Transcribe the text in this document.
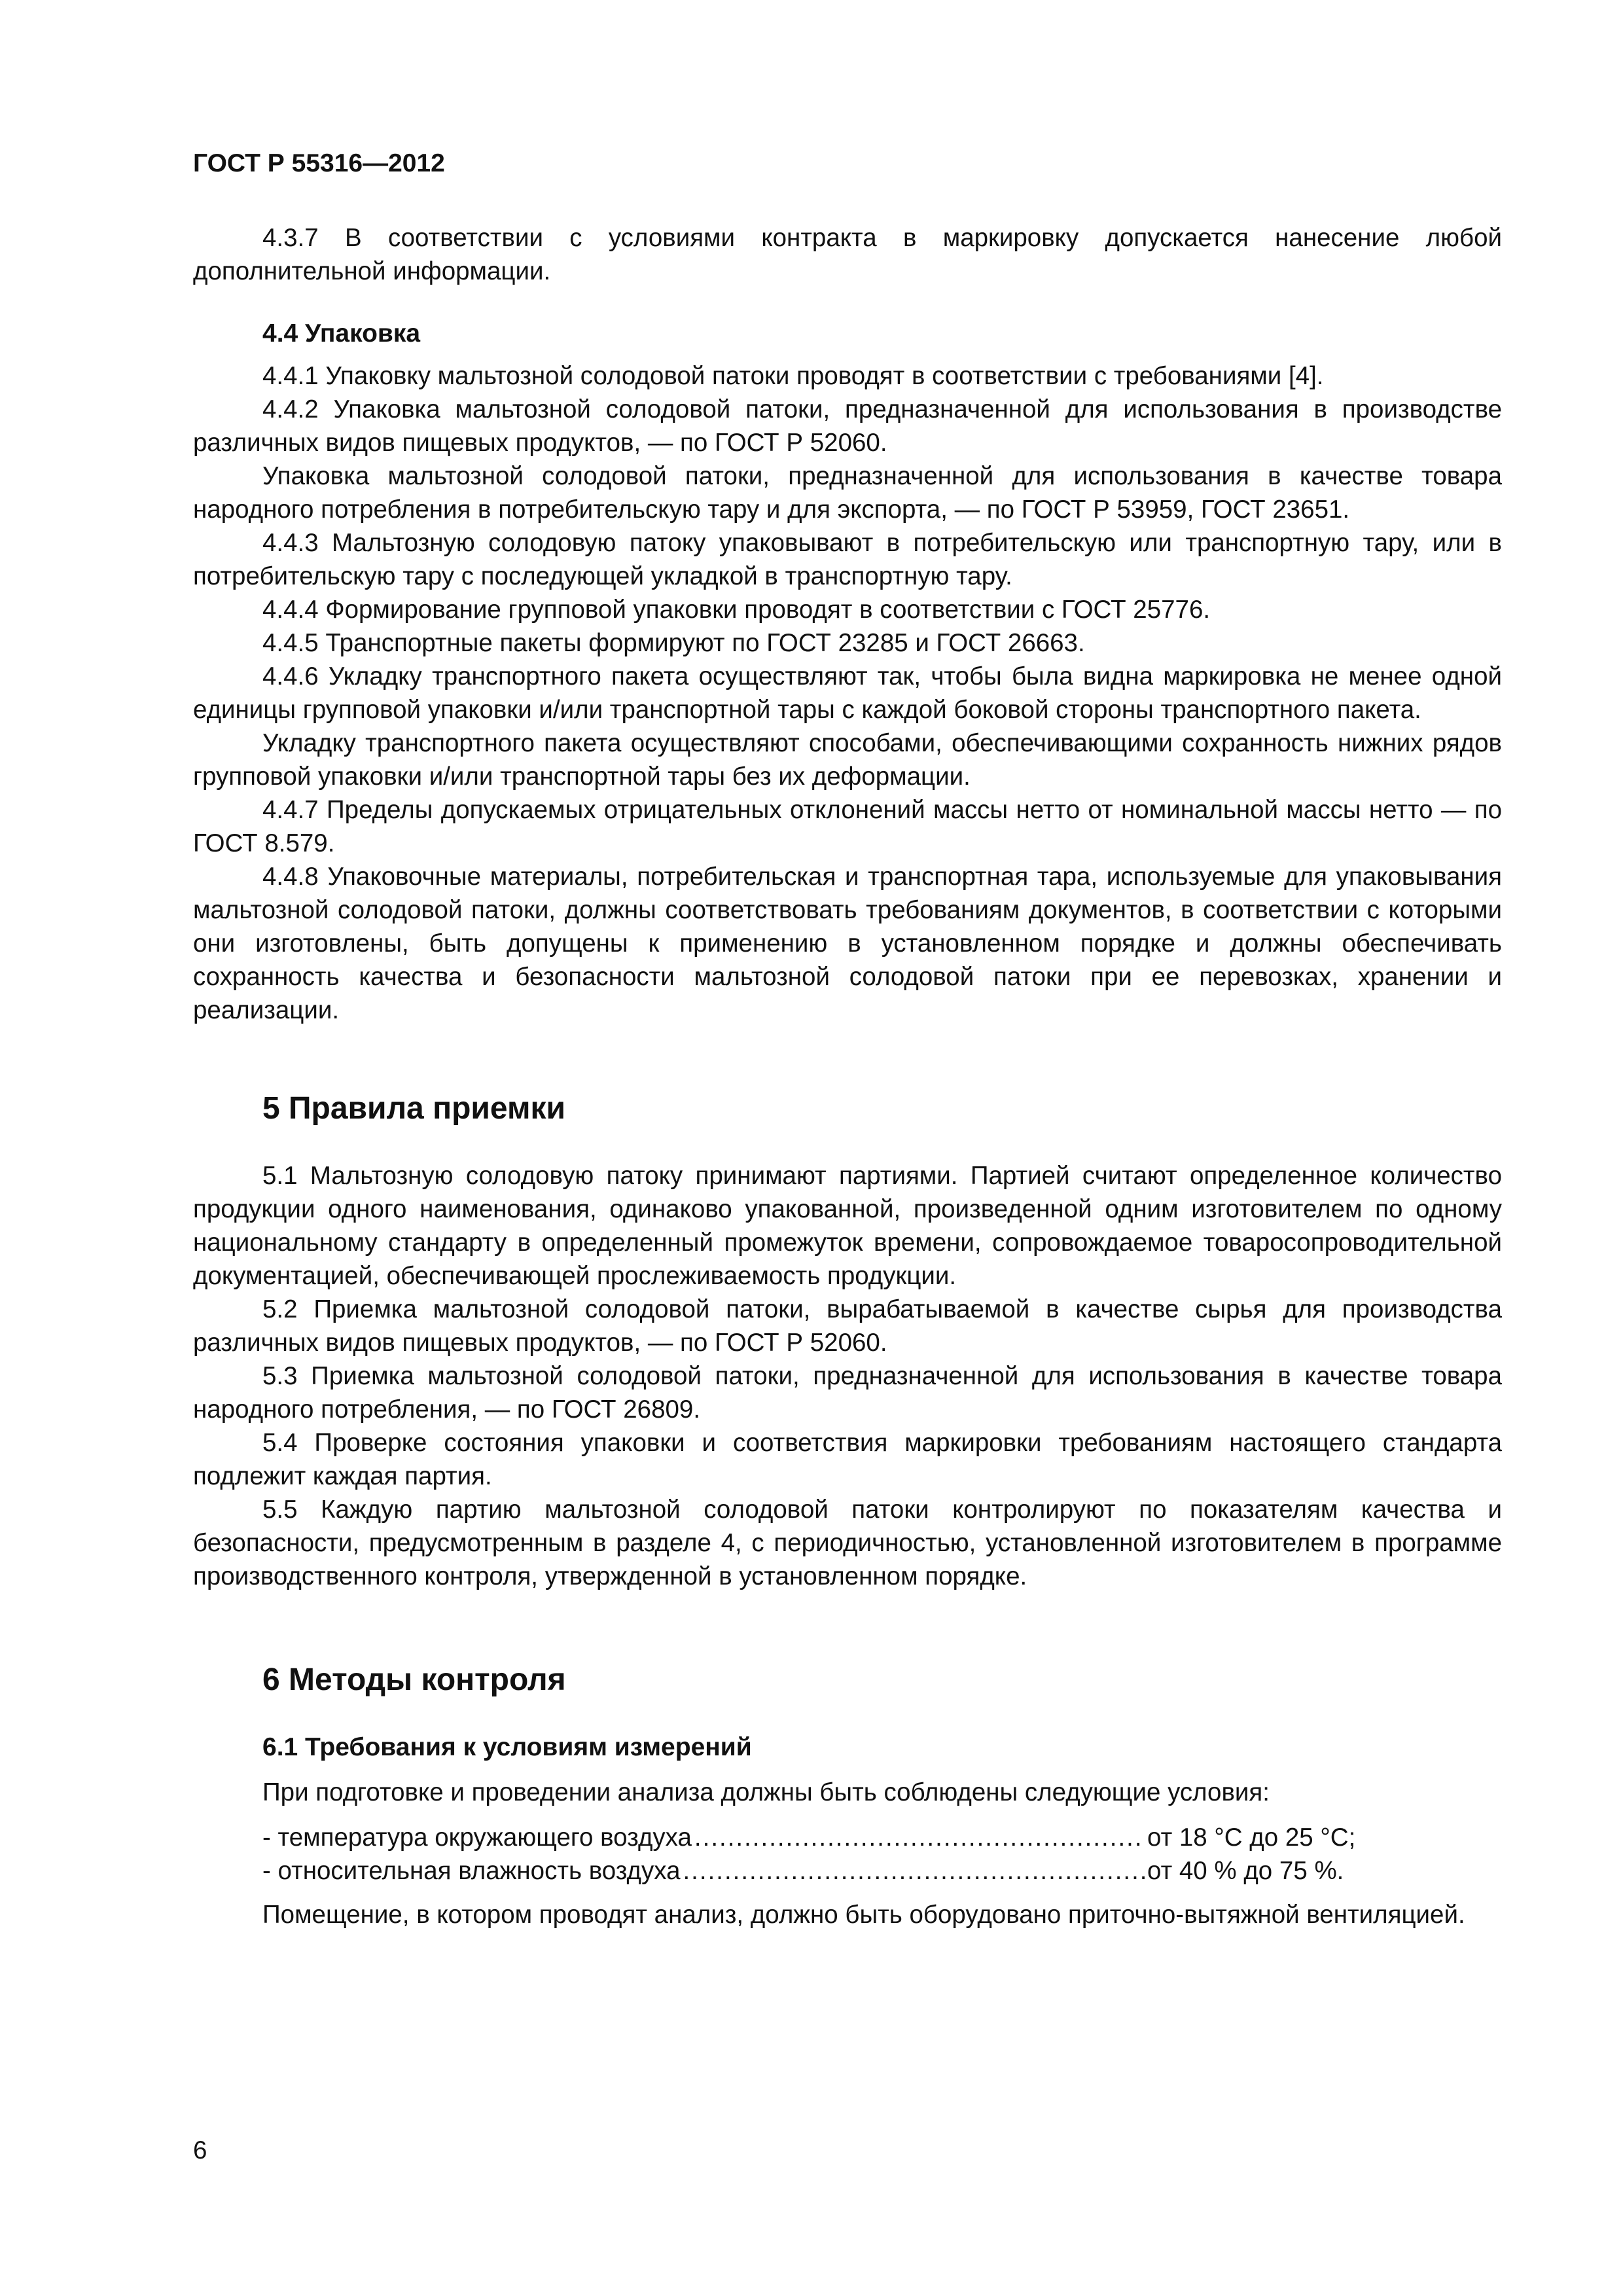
ГОСТ Р 55316—2012

4.3.7 В соответствии с условиями контракта в маркировку допускается нанесение любой дополнительной информации.

4.4 Упаковка

4.4.1 Упаковку мальтозной солодовой патоки проводят в соответствии с требованиями [4].

4.4.2 Упаковка мальтозной солодовой патоки, предназначенной для использования в производстве различных видов пищевых продуктов, — по ГОСТ Р 52060.

Упаковка мальтозной солодовой патоки, предназначенной для использования в качестве товара народного потребления в потребительскую тару и для экспорта, — по ГОСТ Р 53959, ГОСТ 23651.

4.4.3 Мальтозную солодовую патоку упаковывают в потребительскую или транспортную тару, или в потребительскую тару с последующей укладкой в транспортную тару.

4.4.4 Формирование групповой упаковки проводят в соответствии с ГОСТ 25776.

4.4.5 Транспортные пакеты формируют по ГОСТ 23285 и ГОСТ 26663.

4.4.6 Укладку транспортного пакета осуществляют так, чтобы была видна маркировка не менее одной единицы групповой упаковки и/или транспортной тары с каждой боковой стороны транспортного пакета.

Укладку транспортного пакета осуществляют способами, обеспечивающими сохранность нижних рядов групповой упаковки и/или транспортной тары без их деформации.

4.4.7 Пределы допускаемых отрицательных отклонений массы нетто от номинальной массы нетто — по ГОСТ 8.579.

4.4.8 Упаковочные материалы, потребительская и транспортная тара, используемые для упаковывания мальтозной солодовой патоки, должны соответствовать требованиям документов, в соответствии с которыми они изготовлены, быть допущены к применению в установленном порядке и должны обеспечивать сохранность качества и безопасности мальтозной солодовой патоки при ее перевозках, хранении и реализации.

5 Правила приемки

5.1 Мальтозную солодовую патоку принимают партиями. Партией считают определенное количество продукции одного наименования, одинаково упакованной, произведенной одним изготовителем по одному национальному стандарту в определенный промежуток времени, сопровождаемое товаросопроводительной документацией, обеспечивающей прослеживаемость продукции.

5.2 Приемка мальтозной солодовой патоки, вырабатываемой в качестве сырья для производства различных видов пищевых продуктов, — по ГОСТ Р 52060.

5.3 Приемка мальтозной солодовой патоки, предназначенной для использования в качестве товара народного потребления, — по ГОСТ 26809.

5.4 Проверке состояния упаковки и соответствия маркировки требованиям настоящего стандарта подлежит каждая партия.

5.5 Каждую партию мальтозной солодовой патоки контролируют по показателям качества и безопасности, предусмотренным в разделе 4, с периодичностью, установленной изготовителем в программе производственного контроля, утвержденной в установленном порядке.

6 Методы контроля
6.1 Требования к условиям измерений

При подготовке и проведении анализа должны быть соблюдены следующие условия:

- температура окружающего воздуха .....	от 18 °С до 25 °С;
- относительная влажность воздуха .....	от 40 % до 75 %.

Помещение, в котором проводят анализ, должно быть оборудовано приточно-вытяжной вентиляцией.

6
